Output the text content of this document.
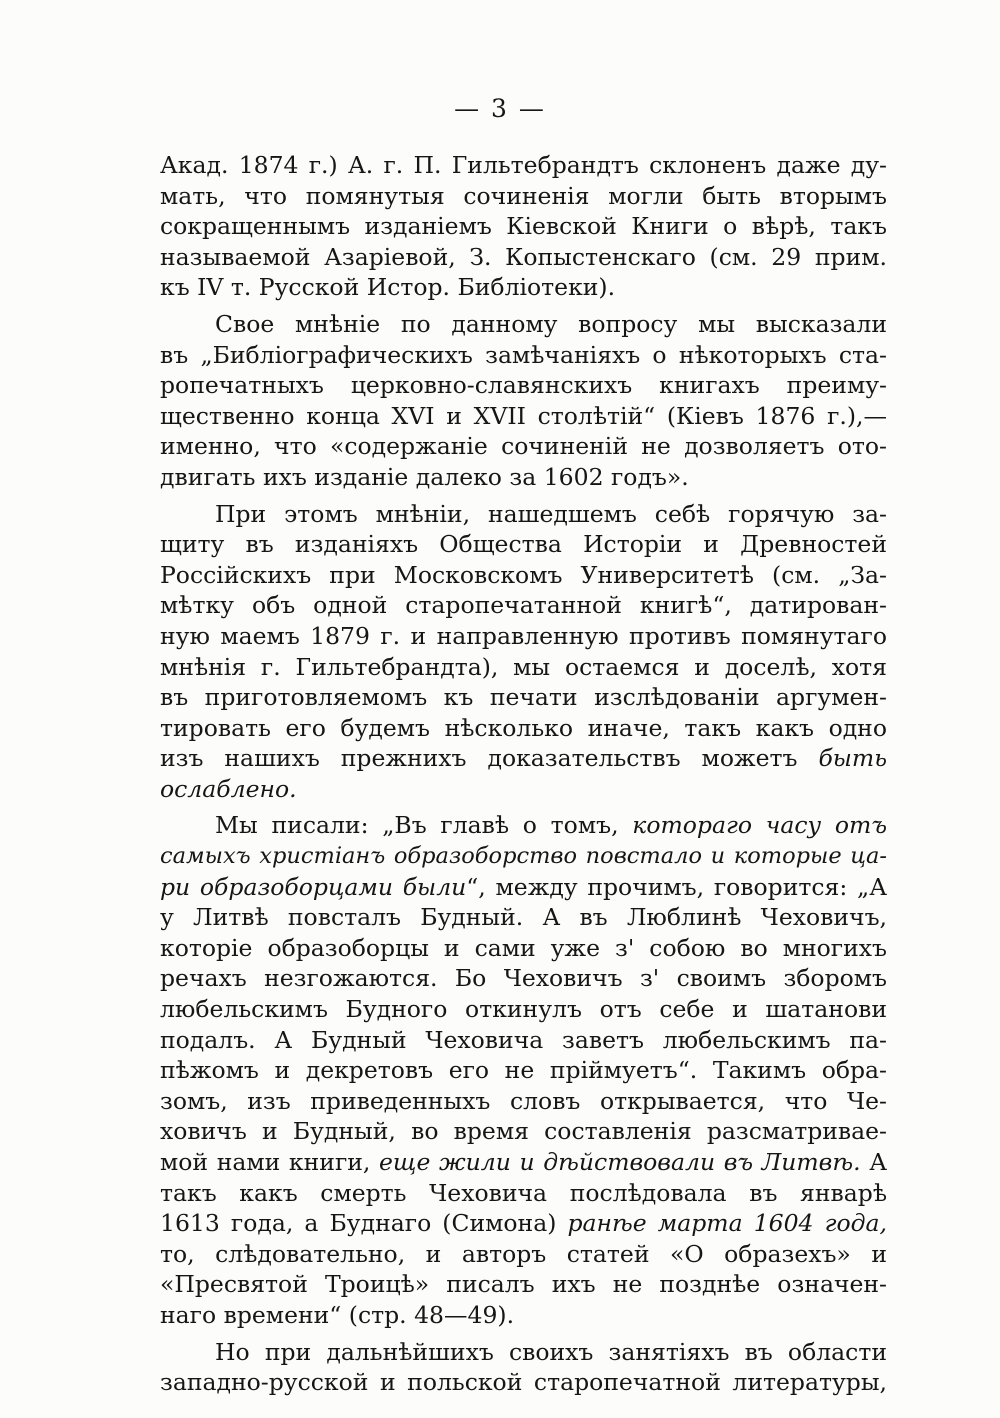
— 3 —
Акад. 1874 г.) А. г. П. Гильтебрандтъ склоненъ даже ду-
мать, что помянутыя сочиненія могли быть вторымъ
сокращеннымъ изданіемъ Кіевской Книги о вѣрѣ, такъ
называемой Азаріевой, З. Копыстенскаго (см. 29 прим.
къ IV т. Русской Истор. Библіотеки).
Свое мнѣніе по данному вопросу мы высказали
въ „Библіографическихъ замѣчаніяхъ о нѣкоторыхъ ста-
ропечатныхъ церковно-славянскихъ книгахъ преиму-
щественно конца XVI и XVII столѣтій“ (Кіевъ 1876 г.),—
именно, что «содержаніе сочиненій не дозволяетъ ото-
двигать ихъ изданіе далеко за 1602 годъ».
При этомъ мнѣніи, нашедшемъ себѣ горячую за-
щиту въ изданіяхъ Общества Исторіи и Древностей
Россійскихъ при Московскомъ Университетѣ (см. „За-
мѣтку объ одной старопечатанной книгѣ“, датирован-
ную маемъ 1879 г. и направленную противъ помянутаго
мнѣнія г. Гильтебрандта), мы остаемся и доселѣ, хотя
въ приготовляемомъ къ печати изслѣдованіи аргумен-
тировать его будемъ нѣсколько иначе, такъ какъ одно
изъ нашихъ прежнихъ доказательствъ можетъ быть
ослаблено.
Мы писали: „Въ главѣ о томъ, котораго часу отъ
самыхъ христіанъ образоборство повстало и которые ца-
ри образоборцами были“, между прочимъ, говорится: „А
у Литвѣ повсталъ Будный. А въ Люблинѣ Чеховичъ,
которіе образоборцы и сами уже з' собою во многихъ
речахъ незгожаются. Бо Чеховичъ з' своимъ зборомъ
любельскимъ Будного откинулъ отъ себе и шатанови
подалъ. А Будный Чеховича заветъ любельскимъ па-
пѣжомъ и декретовъ его не пріймуетъ“. Такимъ обра-
зомъ, изъ приведенныхъ словъ открывается, что Че-
ховичъ и Будный, во время составленія разсматривае-
мой нами книги, еще жили и дѣйствовали въ Литвѣ. А
такъ какъ смерть Чеховича послѣдовала въ январѣ
1613 года, а Буднаго (Симона) ранѣе марта 1604 года,
то, слѣдовательно, и авторъ статей «О образехъ» и
«Пресвятой Троицѣ» писалъ ихъ не позднѣе означен-
наго времени“ (стр. 48—49).
Но при дальнѣйшихъ своихъ занятіяхъ въ области
западно-русской и польской старопечатной литературы,
